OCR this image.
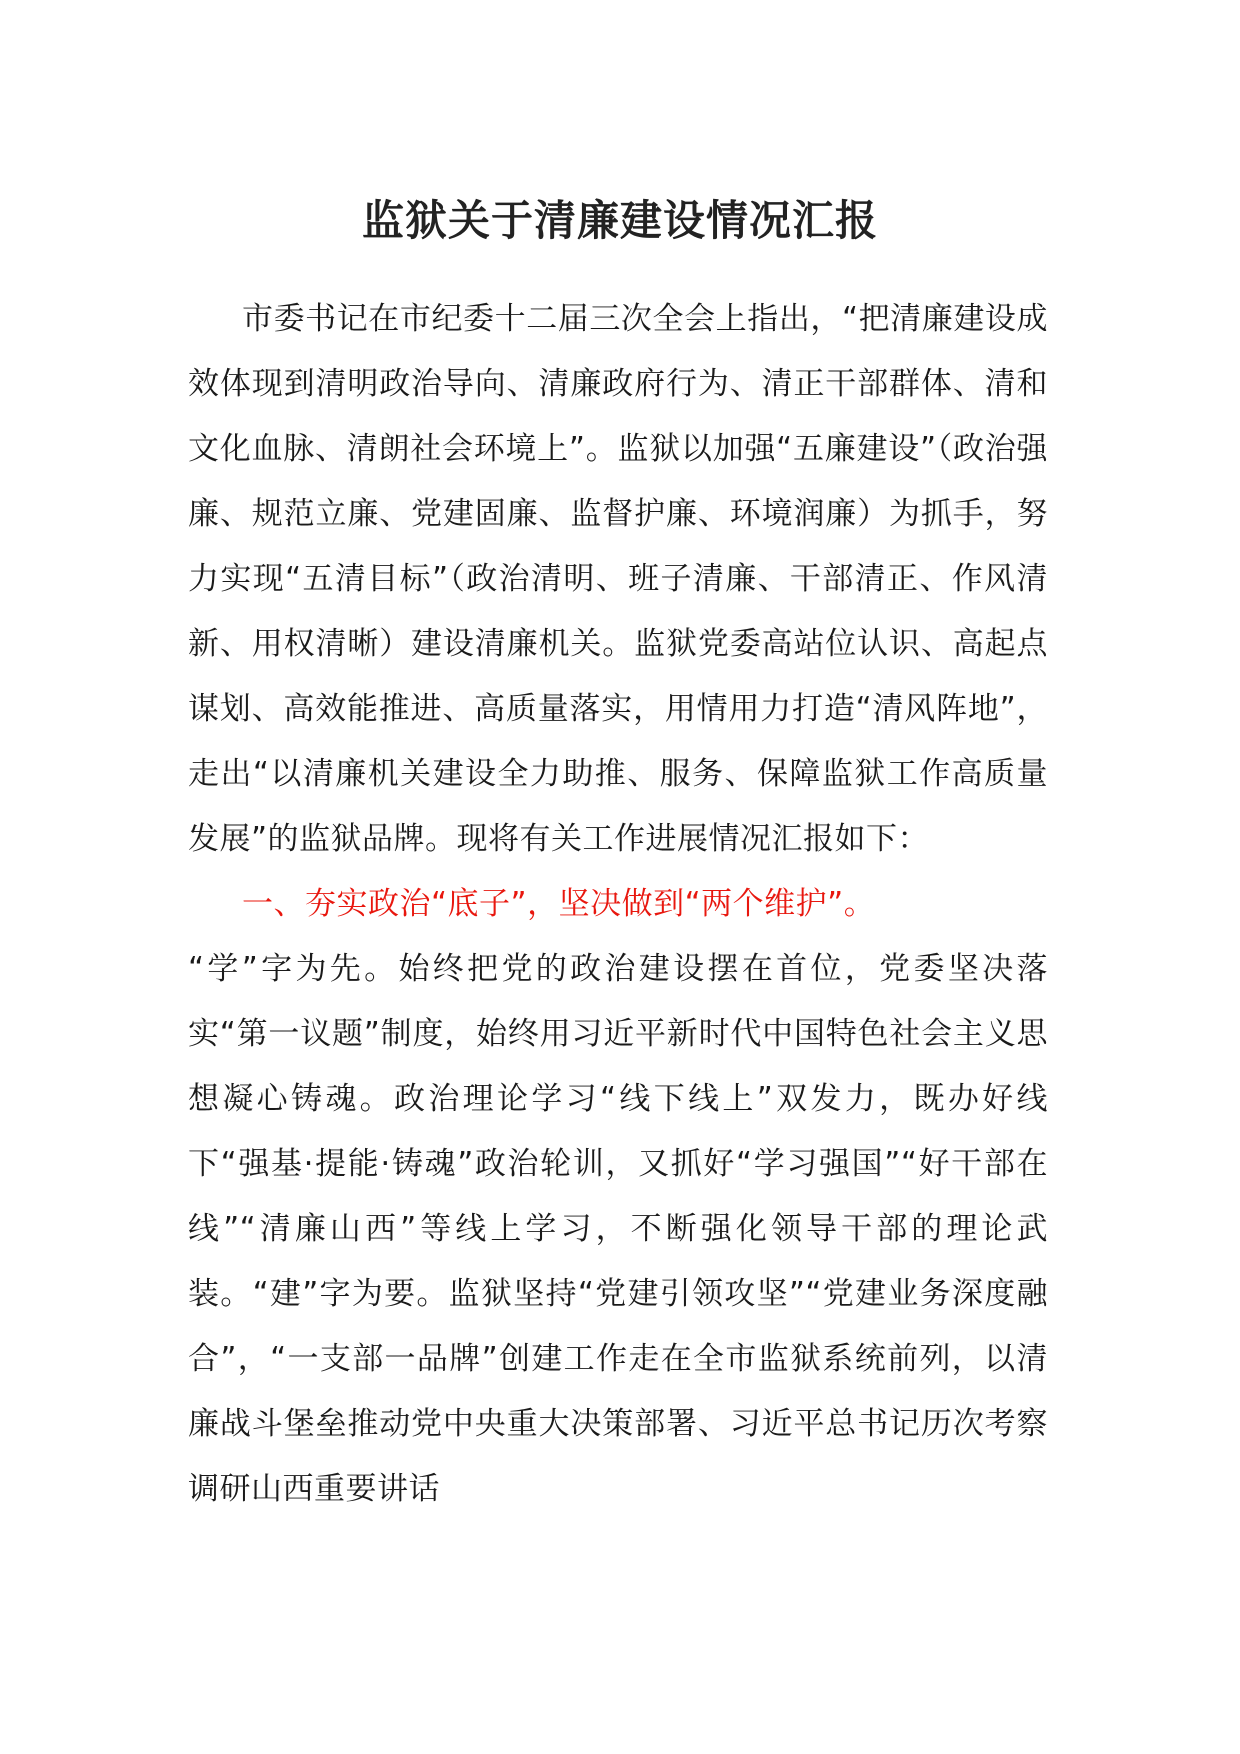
监狱关于清廉建设情况汇报

市委书记在市纪委十二届三次全会上指出，“把清廉建设成效体现到清明政治导向、清廉政府行为、清正干部群体、清和文化血脉、清朗社会环境上”。监狱以加强“五廉建设”（政治强廉、规范立廉、党建固廉、监督护廉、环境润廉）为抓手，努力实现“五清目标”（政治清明、班子清廉、干部清正、作风清新、用权清晰）建设清廉机关。监狱党委高站位认识、高起点谋划、高效能推进、高质量落实，用情用力打造“清风阵地”，走出“以清廉机关建设全力助推、服务、保障监狱工作高质量发展”的监狱品牌。现将有关工作进展情况汇报如下：

一、夯实政治“底子”，坚决做到“两个维护”。

“学”字为先。始终把党的政治建设摆在首位，党委坚决落实“第一议题”制度，始终用习近平新时代中国特色社会主义思想凝心铸魂。政治理论学习“线下线上”双发力，既办好线下“强基·提能·铸魂”政治轮训，又抓好“学习强国”“好干部在线”“清廉山西”等线上学习，不断强化领导干部的理论武装。“建”字为要。监狱坚持“党建引领攻坚”“党建业务深度融合”，“一支部一品牌”创建工作走在全市监狱系统前列，以清廉战斗堡垒推动党中央重大决策部署、习近平总书记历次考察调研山西重要讲话
